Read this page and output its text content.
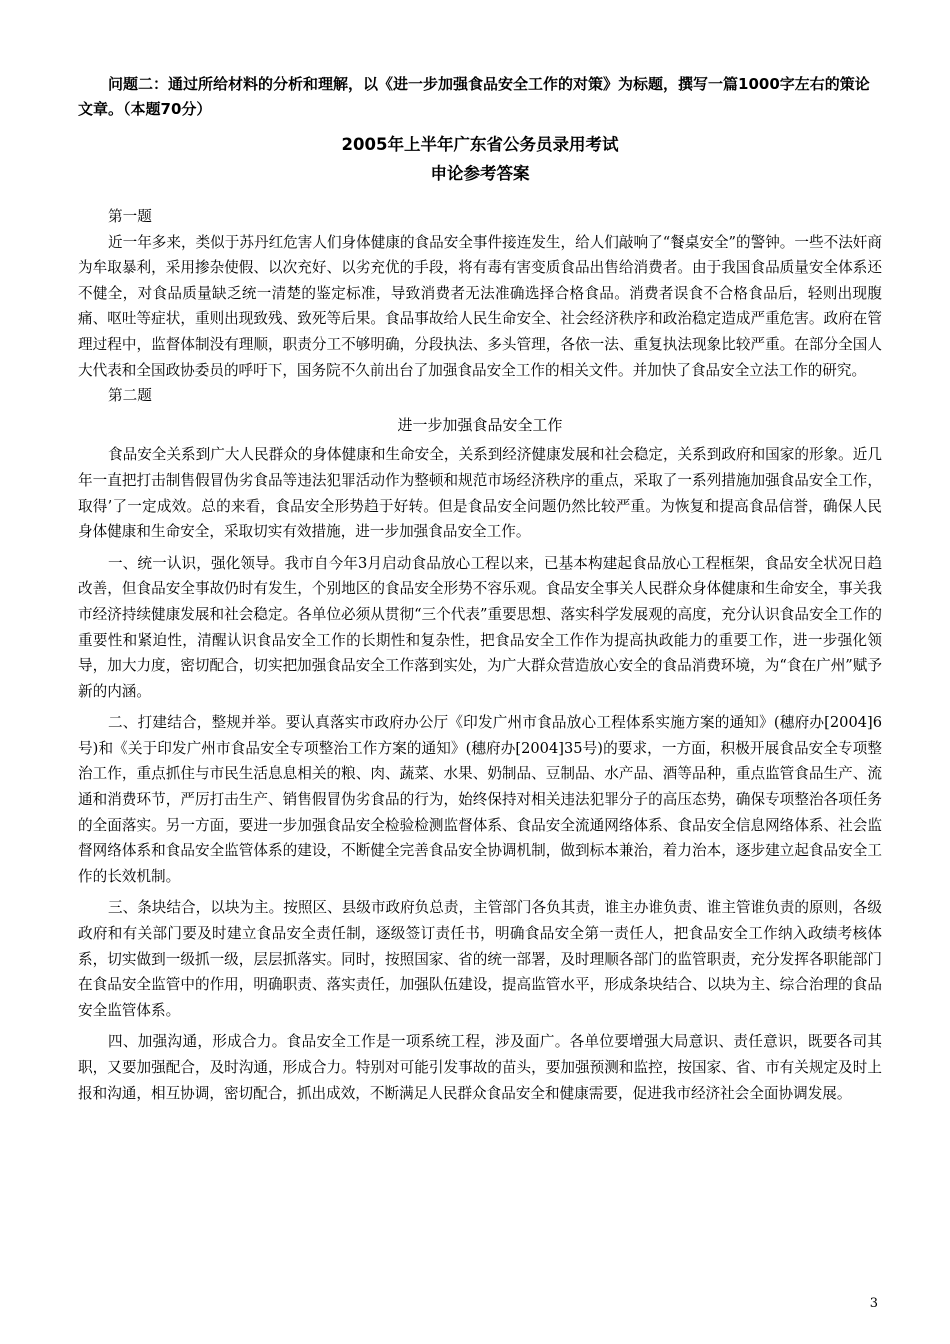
问题二：通过所给材料的分析和理解，以《进一步加强食品安全工作的对策》为标题，撰写一篇1000字左右的策论文章。（本题70分）

2005年上半年广东省公务员录用考试

申论参考答案

第一题

近一年多来，类似于苏丹红危害人们身体健康的食品安全事件接连发生，给人们敲响了“餐桌安全”的警钟。一些不法奸商为牟取暴利，采用掺杂使假、以次充好、以劣充优的手段，将有毒有害变质食品出售给消费者。由于我国食品质量安全体系还不健全，对食品质量缺乏统一清楚的鉴定标准，导致消费者无法准确选择合格食品。消费者误食不合格食品后，轻则出现腹痛、呕吐等症状，重则出现致残、致死等后果。食品事故给人民生命安全、社会经济秩序和政治稳定造成严重危害。政府在管理过程中，监督体制没有理顺，职责分工不够明确，分段执法、多头管理，各依一法、重复执法现象比较严重。在部分全国人大代表和全国政协委员的呼吁下，国务院不久前出台了加强食品安全工作的相关文件。并加快了食品安全立法工作的研究。

第二题

进一步加强食品安全工作

食品安全关系到广大人民群众的身体健康和生命安全，关系到经济健康发展和社会稳定，关系到政府和国家的形象。近几年一直把打击制售假冒伪劣食品等违法犯罪活动作为整顿和规范市场经济秩序的重点，采取了一系列措施加强食品安全工作，取得’了一定成效。总的来看，食品安全形势趋于好转。但是食品安全问题仍然比较严重。为恢复和提高食品信誉，确保人民身体健康和生命安全，采取切实有效措施，进一步加强食品安全工作。

一、统一认识，强化领导。我市自今年3月启动食品放心工程以来，已基本构建起食品放心工程框架，食品安全状况日趋改善，但食品安全事故仍时有发生，个别地区的食品安全形势不容乐观。食品安全事关人民群众身体健康和生命安全，事关我市经济持续健康发展和社会稳定。各单位必须从贯彻“三个代表”重要思想、落实科学发展观的高度，充分认识食品安全工作的重要性和紧迫性，清醒认识食品安全工作的长期性和复杂性，把食品安全工作作为提高执政能力的重要工作，进一步强化领导，加大力度，密切配合，切实把加强食品安全工作落到实处，为广大群众营造放心安全的食品消费环境，为“食在广州”赋予新的内涵。

二、打建结合，整规并举。要认真落实市政府办公厅《印发广州市食品放心工程体系实施方案的通知》(穗府办[2004]6号)和《关于印发广州市食品安全专项整治工作方案的通知》(穗府办[2004]35号)的要求，一方面，积极开展食品安全专项整治工作，重点抓住与市民生活息息相关的粮、肉、蔬菜、水果、奶制品、豆制品、水产品、酒等品种，重点监管食品生产、流通和消费环节，严厉打击生产、销售假冒伪劣食品的行为，始终保持对相关违法犯罪分子的高压态势，确保专项整治各项任务的全面落实。另一方面，要进一步加强食品安全检验检测监督体系、食品安全流通网络体系、食品安全信息网络体系、社会监督网络体系和食品安全监管体系的建设，不断健全完善食品安全协调机制，做到标本兼治，着力治本，逐步建立起食品安全工作的长效机制。

三、条块结合，以块为主。按照区、县级市政府负总责，主管部门各负其责，谁主办谁负责、谁主管谁负责的原则，各级政府和有关部门要及时建立食品安全责任制，逐级签订责任书，明确食品安全第一责任人，把食品安全工作纳入政绩考核体系，切实做到一级抓一级，层层抓落实。同时，按照国家、省的统一部署，及时理顺各部门的监管职责，充分发挥各职能部门在食品安全监管中的作用，明确职责、落实责任，加强队伍建设，提高监管水平，形成条块结合、以块为主、综合治理的食品安全监管体系。

四、加强沟通，形成合力。食品安全工作是一项系统工程，涉及面广。各单位要增强大局意识、责任意识，既要各司其职，又要加强配合，及时沟通，形成合力。特别对可能引发事故的苗头，要加强预测和监控，按国家、省、市有关规定及时上报和沟通，相互协调，密切配合，抓出成效，不断满足人民群众食品安全和健康需要，促进我市经济社会全面协调发展。

3
